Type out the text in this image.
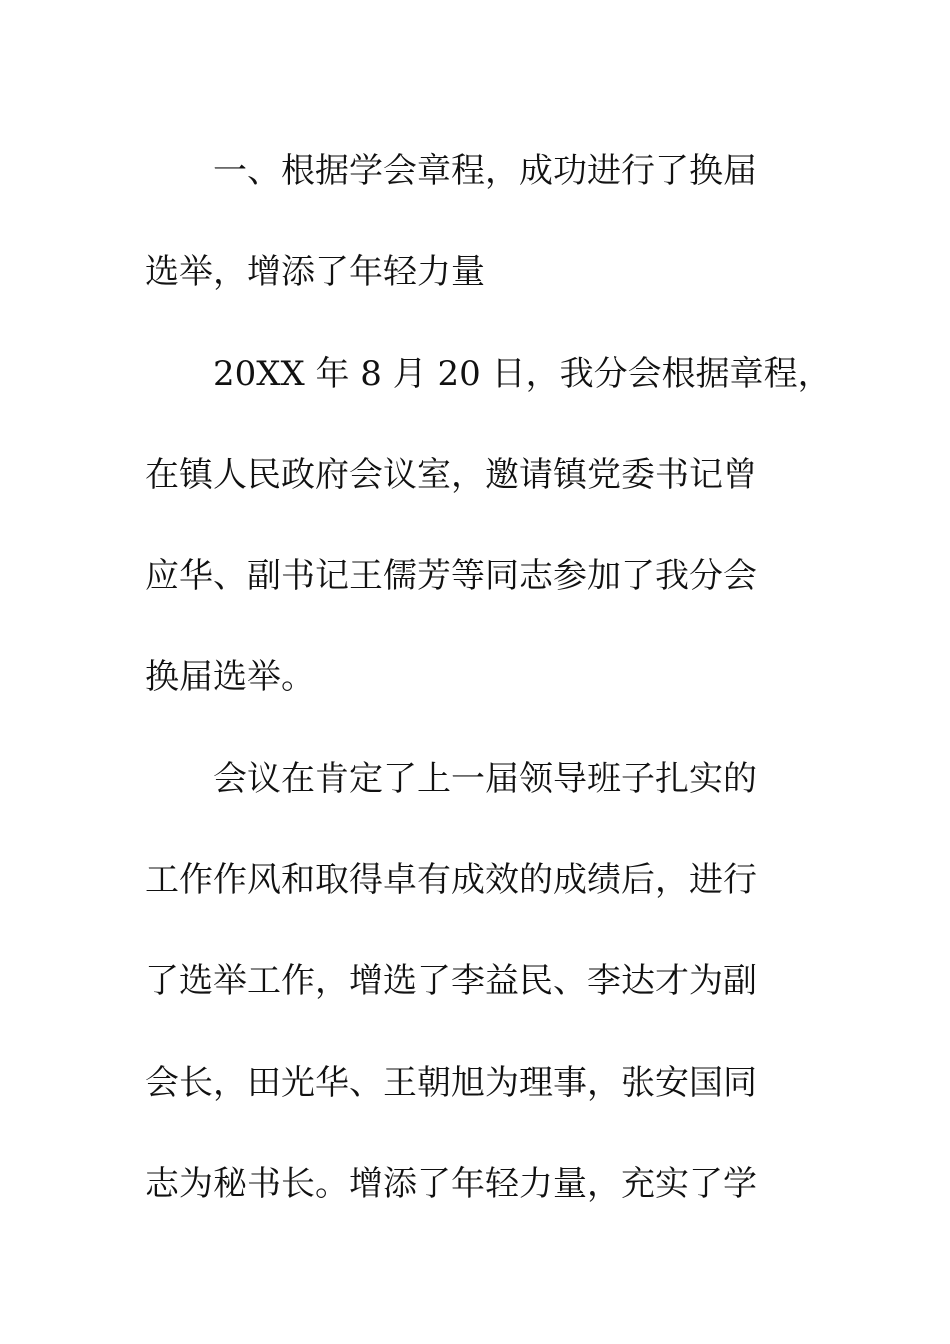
一、根据学会章程，成功进行了换届
选举，增添了年轻力量
20XX 年 8 月 20 日，我分会根据章程，
在镇人民政府会议室，邀请镇党委书记曾
应华、副书记王儒芳等同志参加了我分会
换届选举。
会议在肯定了上一届领导班子扎实的
工作作风和取得卓有成效的成绩后，进行
了选举工作，增选了李益民、李达才为副
会长，田光华、王朝旭为理事，张安国同
志为秘书长。增添了年轻力量，充实了学
